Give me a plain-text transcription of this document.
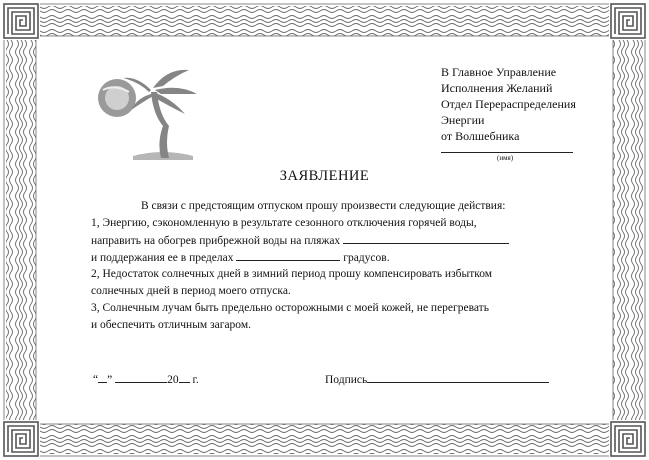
В Главное Управление
Исполнения Желаний
Отдел Перераспределения
Энергии
от Волшебника
(имя)
ЗАЯВЛЕНИЕ
В связи с предстоящим отпуском прошу произвести следующие действия:
1, Энергию, сэкономленную в результате сезонного отключения горячей воды,
направить на обогрев прибрежной воды на пляжах
и поддержания ее в пределах	градусов.
2, Недостаток солнечных дней в зимний период прошу компенсировать избытком
солнечных дней в период моего отпуска.
3, Солнечным лучам быть предельно осторожными с моей кожей, не перегревать
и обеспечить отличным загаром.
“ ”	20 г.	Подпись
